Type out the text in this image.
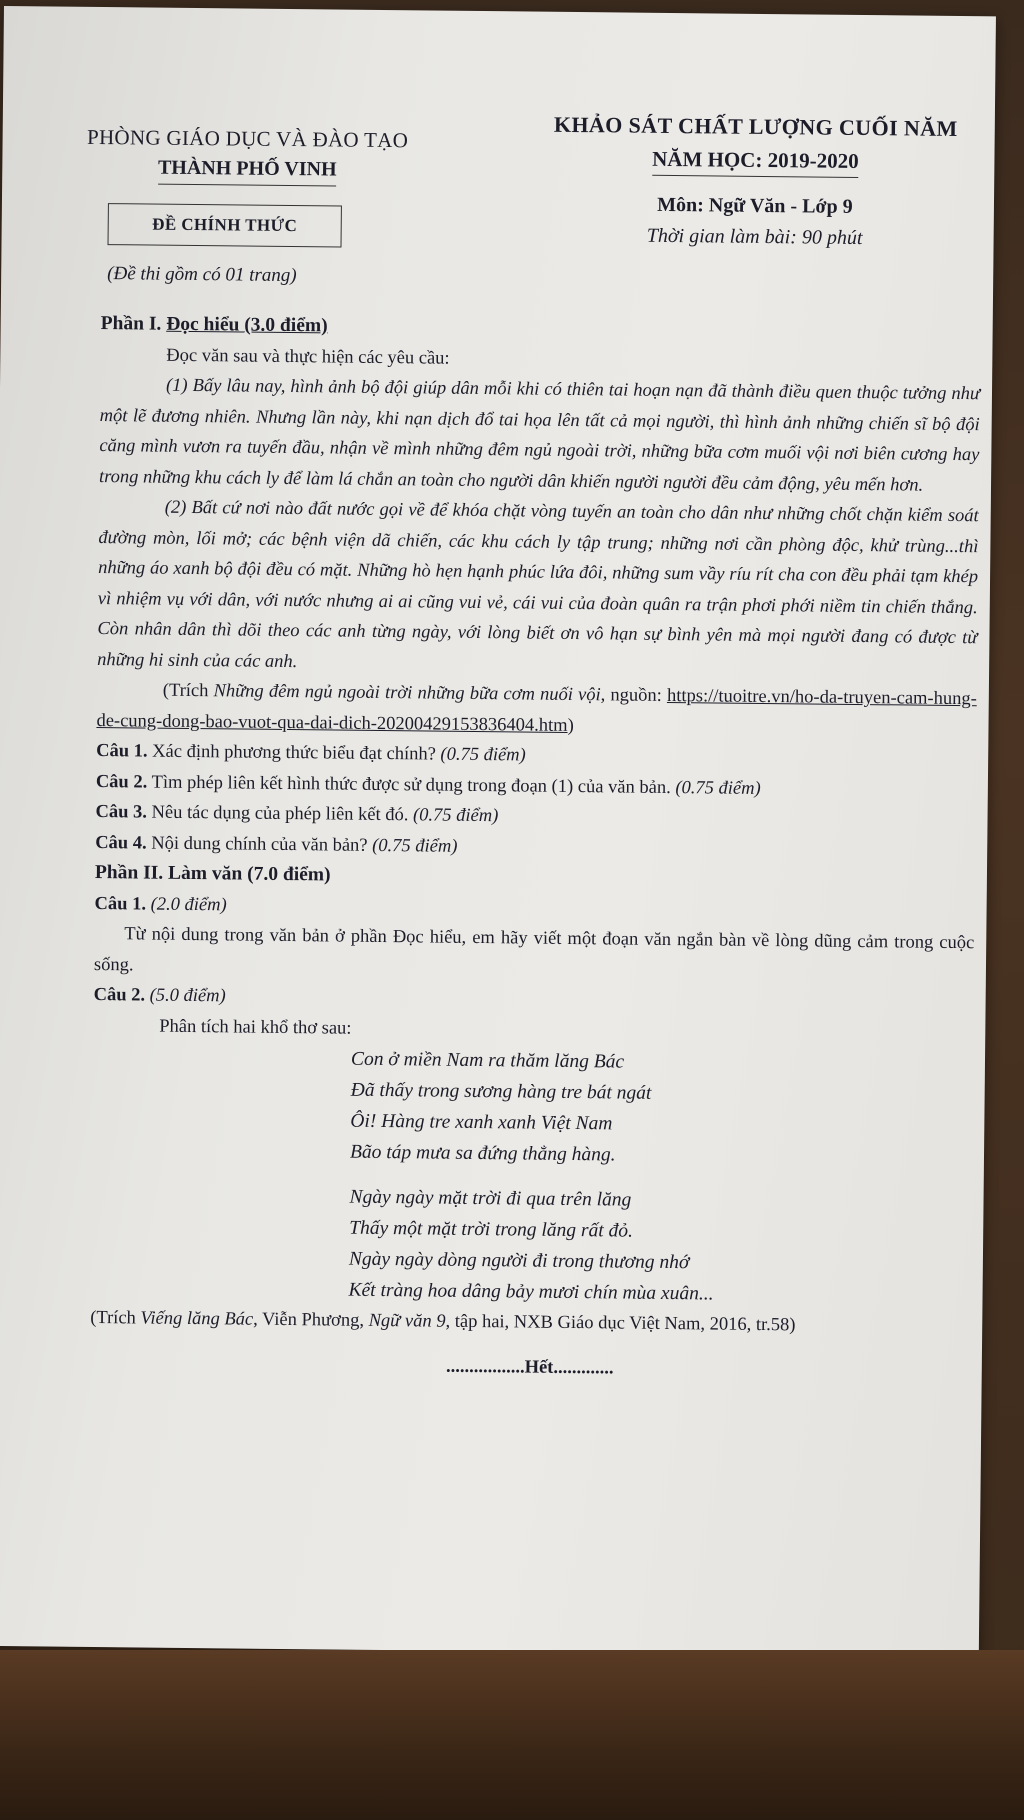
PHÒNG GIÁO DỤC VÀ ĐÀO TẠO
THÀNH PHỐ VINH
ĐỀ CHÍNH THỨC
(Đề thi gồm có 01 trang)
KHẢO SÁT CHẤT LƯỢNG CUỐI NĂM
NĂM HỌC: 2019-2020
Môn: Ngữ Văn - Lớp 9
Thời gian làm bài: 90 phút

Phần I. Đọc hiểu (3.0 điểm)

Đọc văn sau và thực hiện các yêu cầu:

(1) Bấy lâu nay, hình ảnh bộ đội giúp dân mỗi khi có thiên tai hoạn nạn đã thành điều quen thuộc tưởng như một lẽ đương nhiên. Nhưng lần này, khi nạn dịch đổ tai họa lên tất cả mọi người, thì hình ảnh những chiến sĩ bộ đội căng mình vươn ra tuyến đầu, nhận về mình những đêm ngủ ngoài trời, những bữa cơm muối vội nơi biên cương hay trong những khu cách ly để làm lá chắn an toàn cho người dân khiến người người đều cảm động, yêu mến hơn.

(2) Bất cứ nơi nào đất nước gọi về để khóa chặt vòng tuyến an toàn cho dân như những chốt chặn kiểm soát đường mòn, lối mở; các bệnh viện dã chiến, các khu cách ly tập trung; những nơi cần phòng độc, khử trùng...thì những áo xanh bộ đội đều có mặt. Những hò hẹn hạnh phúc lứa đôi, những sum vầy ríu rít cha con đều phải tạm khép vì nhiệm vụ với dân, với nước nhưng ai ai cũng vui vẻ, cái vui của đoàn quân ra trận phơi phới niềm tin chiến thắng. Còn nhân dân thì dõi theo các anh từng ngày, với lòng biết ơn vô hạn sự bình yên mà mọi người đang có được từ những hi sinh của các anh.

(Trích Những đêm ngủ ngoài trời những bữa cơm nuối vội, nguồn: https://tuoitre.vn/ho-da-truyen-cam-hung-de-cung-dong-bao-vuot-qua-dai-dich-20200429153836404.htm)

Câu 1. Xác định phương thức biểu đạt chính? (0.75 điểm)

Câu 2. Tìm phép liên kết hình thức được sử dụng trong đoạn (1) của văn bản. (0.75 điểm)

Câu 3. Nêu tác dụng của phép liên kết đó. (0.75 điểm)

Câu 4. Nội dung chính của văn bản? (0.75 điểm)

Phần II. Làm văn (7.0 điểm)

Câu 1. (2.0 điểm)

Từ nội dung trong văn bản ở phần Đọc hiểu, em hãy viết một đoạn văn ngắn bàn về lòng dũng cảm trong cuộc sống.

Câu 2. (5.0 điểm)

Phân tích hai khổ thơ sau:

Con ở miền Nam ra thăm lăng Bác
Đã thấy trong sương hàng tre bát ngát
Ôi! Hàng tre xanh xanh Việt Nam
Bão táp mưa sa đứng thẳng hàng.
Ngày ngày mặt trời đi qua trên lăng
Thấy một mặt trời trong lăng rất đỏ.
Ngày ngày dòng người đi trong thương nhớ
Kết tràng hoa dâng bảy mươi chín mùa xuân...

(Trích Viếng lăng Bác, Viễn Phương, Ngữ văn 9, tập hai, NXB Giáo dục Việt Nam, 2016, tr.58)

.................Hết.............
